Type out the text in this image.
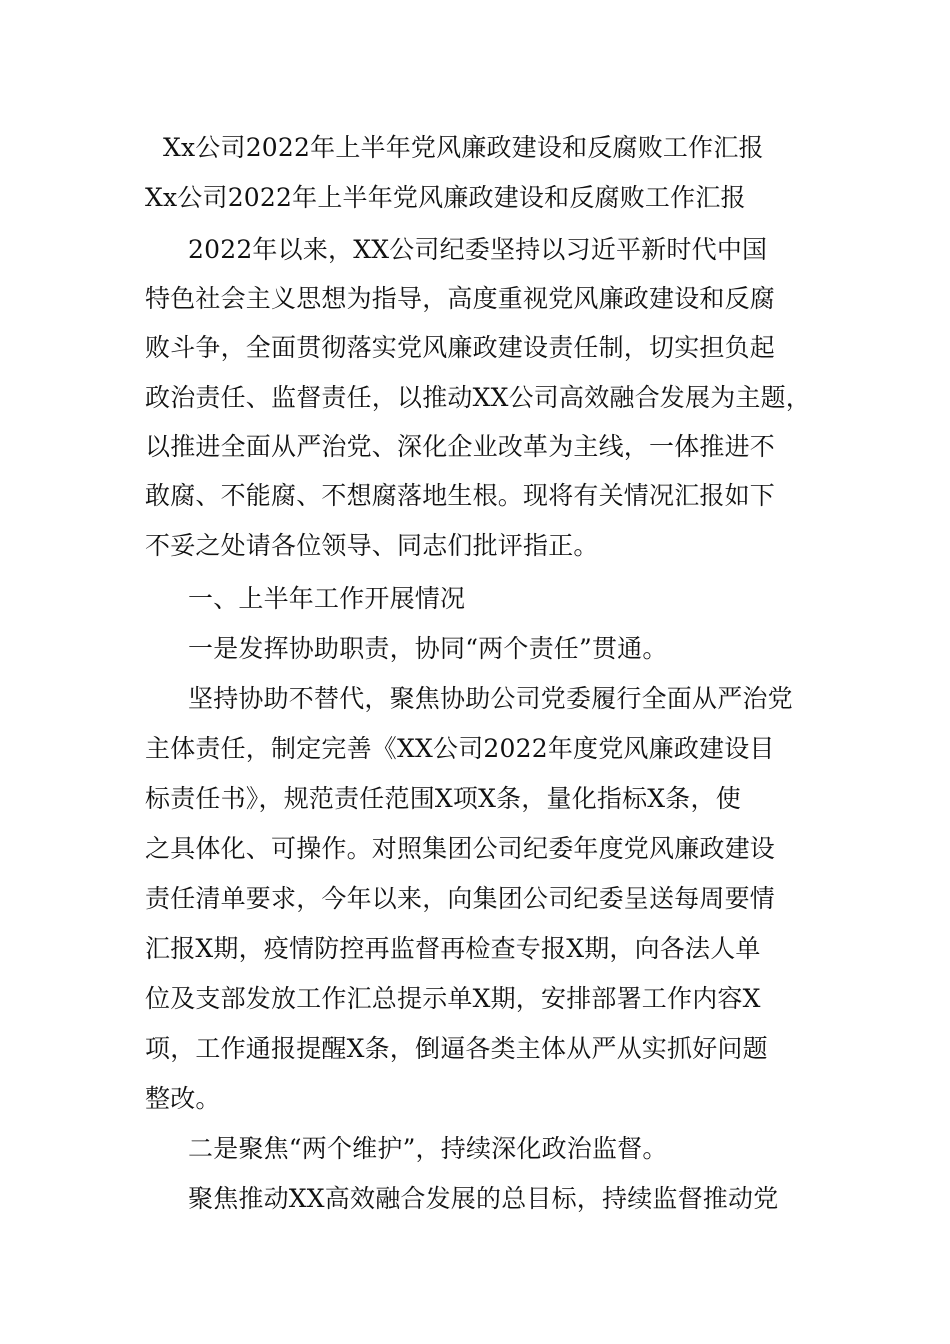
Xx公司2022年上半年党风廉政建设和反腐败工作汇报
Xx公司2022年上半年党风廉政建设和反腐败工作汇报
2022年以来，XX公司纪委坚持以习近平新时代中国
特色社会主义思想为指导，高度重视党风廉政建设和反腐
败斗争，全面贯彻落实党风廉政建设责任制，切实担负起
政治责任、监督责任，以推动XX公司高效融合发展为主题，
以推进全面从严治党、深化企业改革为主线，一体推进不
敢腐、不能腐、不想腐落地生根。现将有关情况汇报如下
不妥之处请各位领导、同志们批评指正。
一、上半年工作开展情况
一是发挥协助职责，协同“两个责任”贯通。
坚持协助不替代，聚焦协助公司党委履行全面从严治党
主体责任，制定完善《XX公司2022年度党风廉政建设目
标责任书》，规范责任范围X项X条，量化指标X条，使
之具体化、可操作。对照集团公司纪委年度党风廉政建设
责任清单要求，今年以来，向集团公司纪委呈送每周要情
汇报X期，疫情防控再监督再检查专报X期，向各法人单
位及支部发放工作汇总提示单X期，安排部署工作内容X
项，工作通报提醒X条，倒逼各类主体从严从实抓好问题
整改。
二是聚焦“两个维护”，持续深化政治监督。
聚焦推动XX高效融合发展的总目标，持续监督推动党
